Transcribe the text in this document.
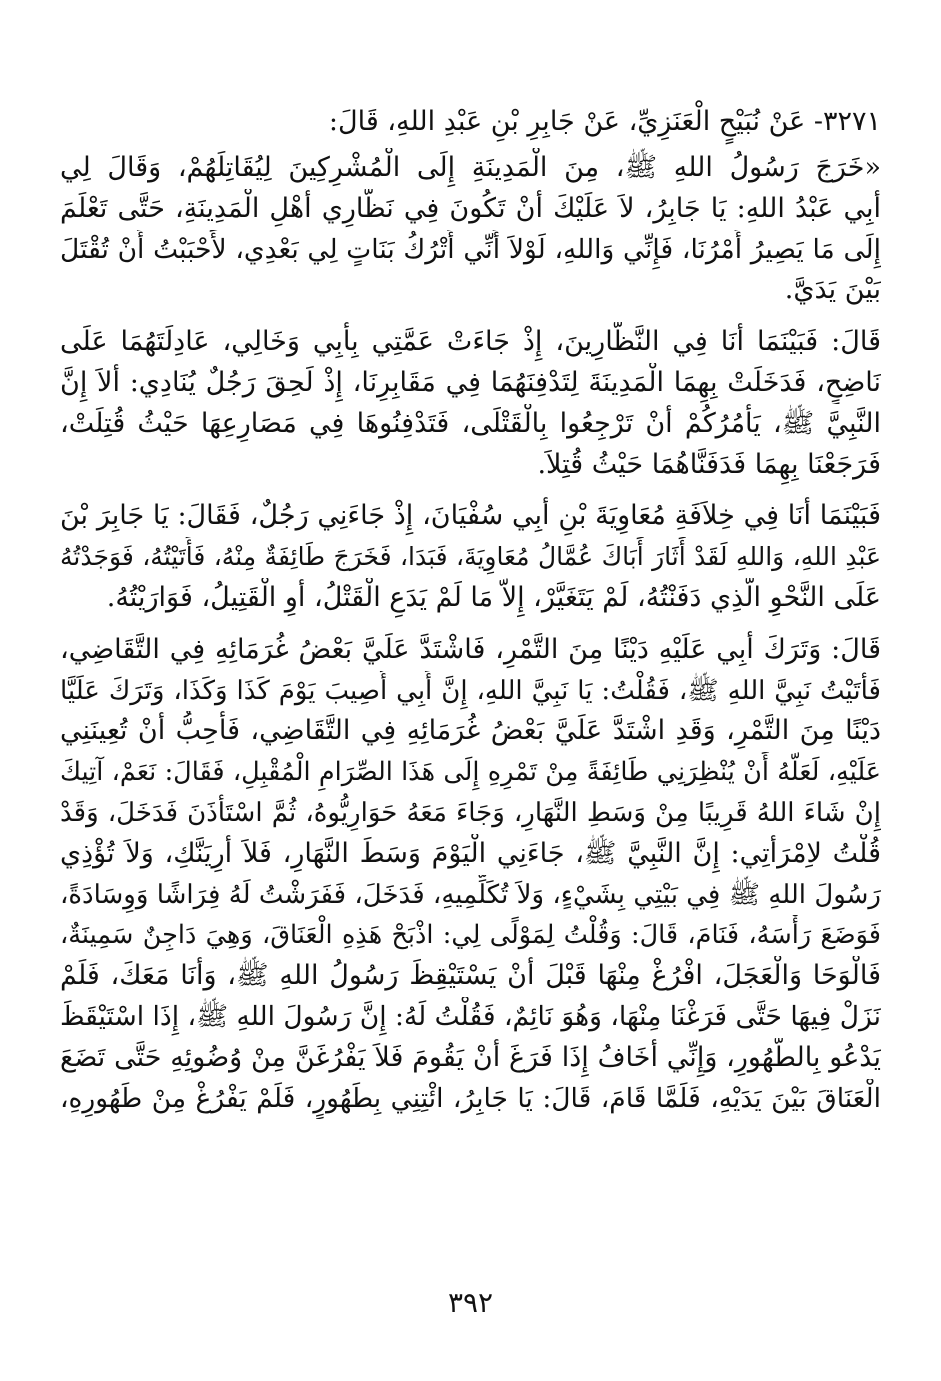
٣٢٧١- عَنْ نُبَيْحٍ الْعَنَزِيِّ، عَنْ جَابِرِ بْنِ عَبْدِ اللهِ، قَالَ:
«خَرَجَ رَسُولُ اللهِ ﷺ، مِنَ الْمَدِينَةِ إِلَى الْمُشْرِكِينَ لِيُقَاتِلَهُمْ، وَقَالَ لِي
أَبِي عَبْدُ اللهِ: يَا جَابِرُ، لاَ عَلَيْكَ أَنْ تَكُونَ فِي نَظَّارِي أَهْلِ الْمَدِينَةِ، حَتَّى تَعْلَمَ
إِلَى مَا يَصِيرُ أَمْرُنَا، فَإِنِّي وَاللهِ، لَوْلاَ أَنِّي أَتْرُكُ بَنَاتٍ لِي بَعْدِي، لأَحْبَبْتُ أَنْ تُقْتَلَ
بَيْنَ يَدَيَّ.
قَالَ: فَبَيْنَمَا أَنَا فِي النَّظَّارِينَ، إِذْ جَاءَتْ عَمَّتِي بِأَبِي وَخَالِي، عَادِلَتَهُمَا عَلَى
نَاضِحٍ، فَدَخَلَتْ بِهِمَا الْمَدِينَةَ لِتَدْفِنَهُمَا فِي مَقَابِرِنَا، إِذْ لَحِقَ رَجُلٌ يُنَادِي: أَلاَ إِنَّ
النَّبِيَّ ﷺ، يَأْمُرُكُمْ أَنْ تَرْجِعُوا بِالْقَتْلَى، فَتَدْفِنُوهَا فِي مَصَارِعِهَا حَيْثُ قُتِلَتْ،
فَرَجَعْنَا بِهِمَا فَدَفَنَّاهُمَا حَيْثُ قُتِلاَ.
فَبَيْنَمَا أَنَا فِي خِلاَفَةِ مُعَاوِيَةَ بْنِ أَبِي سُفْيَانَ، إِذْ جَاءَنِي رَجُلٌ، فَقَالَ: يَا جَابِرَ بْنَ
عَبْدِ اللهِ، وَاللهِ لَقَدْ أَثَارَ أَبَاكَ عُمَّالُ مُعَاوِيَةَ، فَبَدَا، فَخَرَجَ طَائِفَةٌ مِنْهُ، فَأَتَيْتُهُ، فَوَجَدْتُهُ
عَلَى النَّحْوِ الَّذِي دَفَنْتُهُ، لَمْ يَتَغَيَّرْ، إِلاَّ مَا لَمْ يَدَعِ الْقَتْلُ، أَوِ الْقَتِيلُ، فَوَارَيْتُهُ.
قَالَ: وَتَرَكَ أَبِي عَلَيْهِ دَيْنًا مِنَ التَّمْرِ، فَاشْتَدَّ عَلَيَّ بَعْضُ غُرَمَائِهِ فِي التَّقَاضِي،
فَأَتَيْتُ نَبِيَّ اللهِ ﷺ، فَقُلْتُ: يَا نَبِيَّ اللهِ، إِنَّ أَبِي أُصِيبَ يَوْمَ كَذَا وَكَذَا، وَتَرَكَ عَلَيَّا
دَيْنًا مِنَ التَّمْرِ، وَقَدِ اشْتَدَّ عَلَيَّ بَعْضُ غُرَمَائِهِ فِي التَّقَاضِي، فَأُحِبُّ أَنْ تُعِينَنِي
عَلَيْهِ، لَعَلَّهُ أَنْ يُنْظِرَنِي طَائِفَةً مِنْ تَمْرِهِ إِلَى هَذَا الصِّرَامِ الْمُقْبِلِ، فَقَالَ: نَعَمْ، آتِيكَ
إِنْ شَاءَ اللهُ قَرِيبًا مِنْ وَسَطِ النَّهَارِ، وَجَاءَ مَعَهُ حَوَارِيُّوهُ، ثُمَّ اسْتَأْذَنَ فَدَخَلَ، وَقَدْ
قُلْتُ لاِمْرَأَتِي: إِنَّ النَّبِيَّ ﷺ، جَاءَنِي الْيَوْمَ وَسَطَ النَّهَارِ، فَلاَ أُرِيَنَّكِ، وَلاَ تُؤْذِي
رَسُولَ اللهِ ﷺ فِي بَيْتِي بِشَيْءٍ، وَلاَ تُكَلِّمِيهِ، فَدَخَلَ، فَفَرَشْتُ لَهُ فِرَاشًا وَوِسَادَةً،
فَوَضَعَ رَأْسَهُ، فَنَامَ، قَالَ: وَقُلْتُ لِمَوْلًى لِي: اذْبَحْ هَذِهِ الْعَنَاقَ، وَهِيَ دَاجِنٌ سَمِينَةٌ،
فَالْوَحَا وَالْعَجَلَ، افْرُغْ مِنْهَا قَبْلَ أَنْ يَسْتَيْقِظَ رَسُولُ اللهِ ﷺ، وَأَنَا مَعَكَ، فَلَمْ
نَزَلْ فِيهَا حَتَّى فَرَغْنَا مِنْهَا، وَهُوَ نَائِمٌ، فَقُلْتُ لَهُ: إِنَّ رَسُولَ اللهِ ﷺ، إِذَا اسْتَيْقَظَ
يَدْعُو بِالطَّهُورِ، وَإِنِّي أَخَافُ إِذَا فَرَغَ أَنْ يَقُومَ فَلاَ يَفْرُغَنَّ مِنْ وُضُوئِهِ حَتَّى تَضَعَ
الْعَنَاقَ بَيْنَ يَدَيْهِ، فَلَمَّا قَامَ، قَالَ: يَا جَابِرُ، ائْتِنِي بِطَهُورٍ، فَلَمْ يَفْرُغْ مِنْ طَهُورِهِ،
٣٩٢
